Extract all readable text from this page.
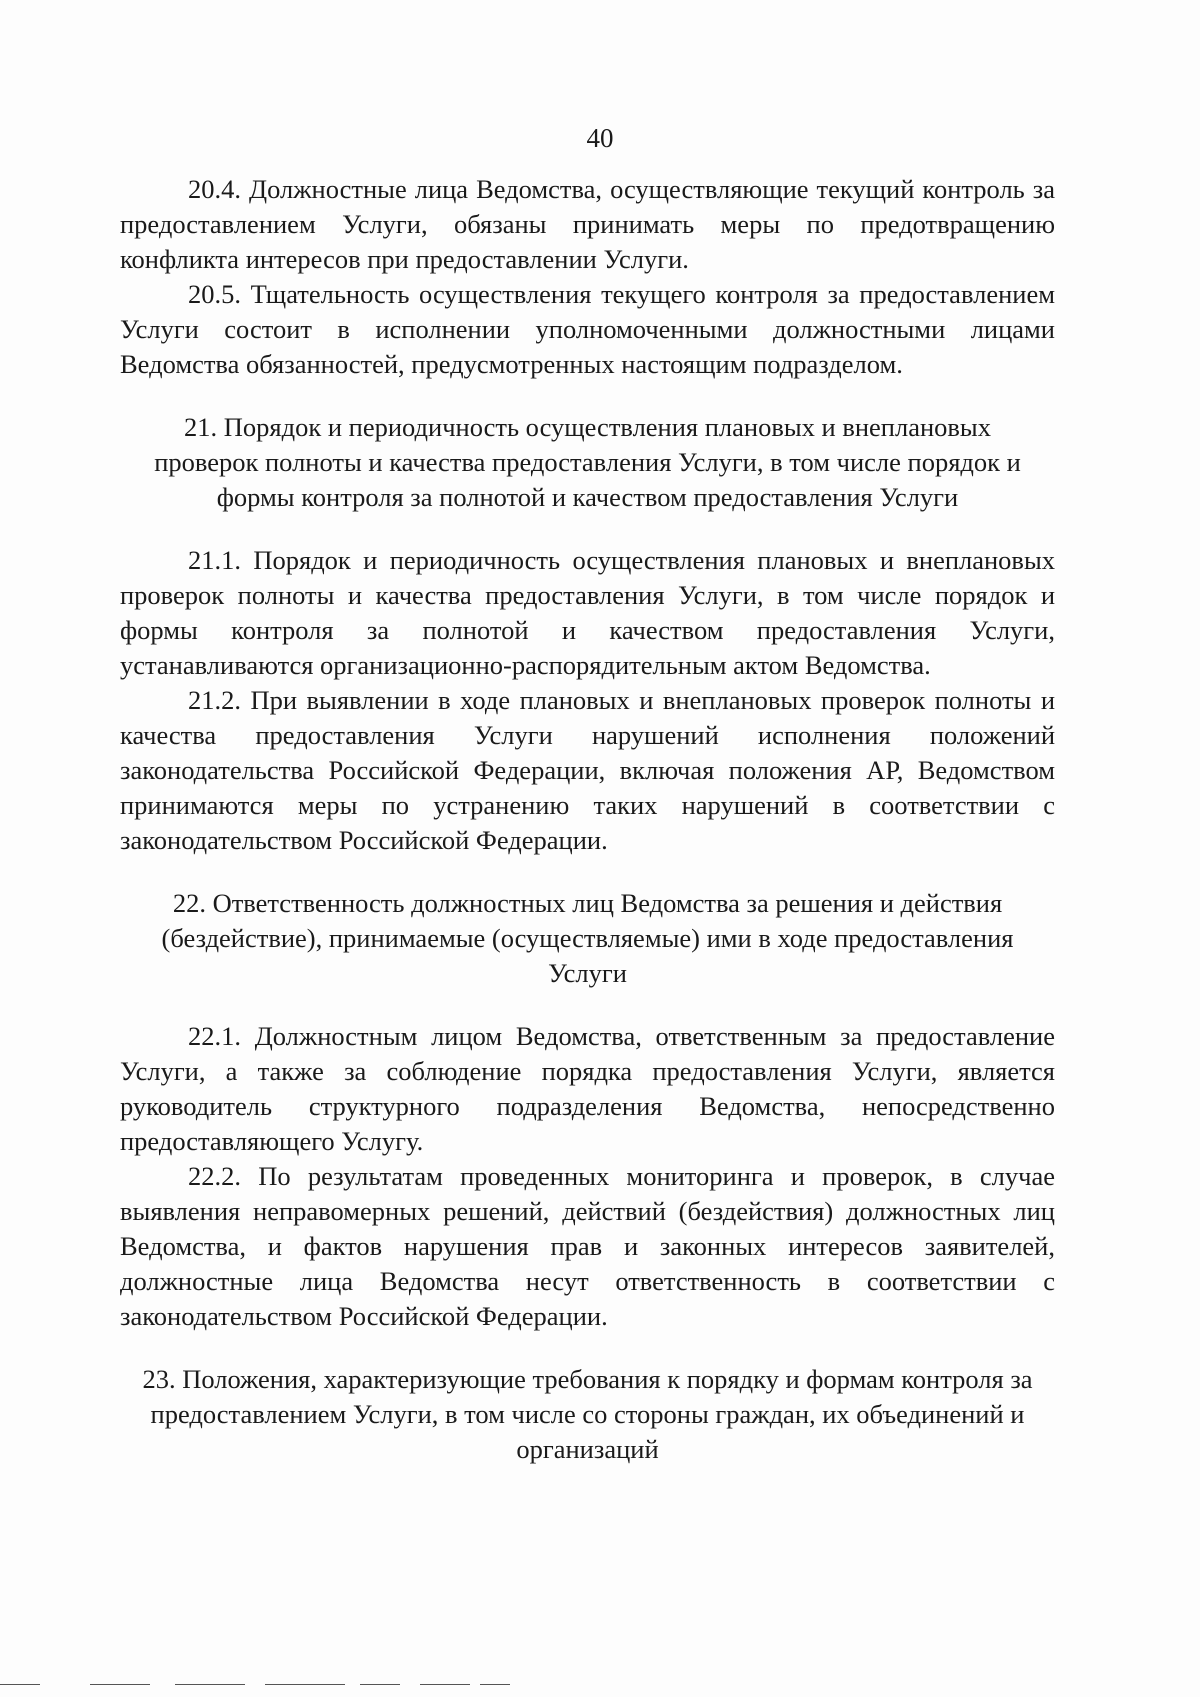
40

20.4. Должностные лица Ведомства, осуществляющие текущий контроль за предоставлением Услуги, обязаны принимать меры по предотвращению конфликта интересов при предоставлении Услуги.

20.5. Тщательность осуществления текущего контроля за предоставлением Услуги состоит в исполнении уполномоченными должностными лицами Ведомства обязанностей, предусмотренных настоящим подразделом.

21. Порядок и периодичность осуществления плановых и внеплановых проверок полноты и качества предоставления Услуги, в том числе порядок и формы контроля за полнотой и качеством предоставления Услуги

21.1. Порядок и периодичность осуществления плановых и внеплановых проверок полноты и качества предоставления Услуги, в том числе порядок и формы контроля за полнотой и качеством предоставления Услуги, устанавливаются организационно-распорядительным актом Ведомства.

21.2. При выявлении в ходе плановых и внеплановых проверок полноты и качества предоставления Услуги нарушений исполнения положений законодательства Российской Федерации, включая положения АР, Ведомством принимаются меры по устранению таких нарушений в соответствии с законодательством Российской Федерации.

22. Ответственность должностных лиц Ведомства за решения и действия (бездействие), принимаемые (осуществляемые) ими в ходе предоставления Услуги

22.1. Должностным лицом Ведомства, ответственным за предоставление Услуги, а также за соблюдение порядка предоставления Услуги, является руководитель структурного подразделения Ведомства, непосредственно предоставляющего Услугу.

22.2. По результатам проведенных мониторинга и проверок, в случае выявления неправомерных решений, действий (бездействия) должностных лиц Ведомства, и фактов нарушения прав и законных интересов заявителей, должностные лица Ведомства несут ответственность в соответствии с законодательством Российской Федерации.

23. Положения, характеризующие требования к порядку и формам контроля за предоставлением Услуги, в том числе со стороны граждан, их объединений и организаций
